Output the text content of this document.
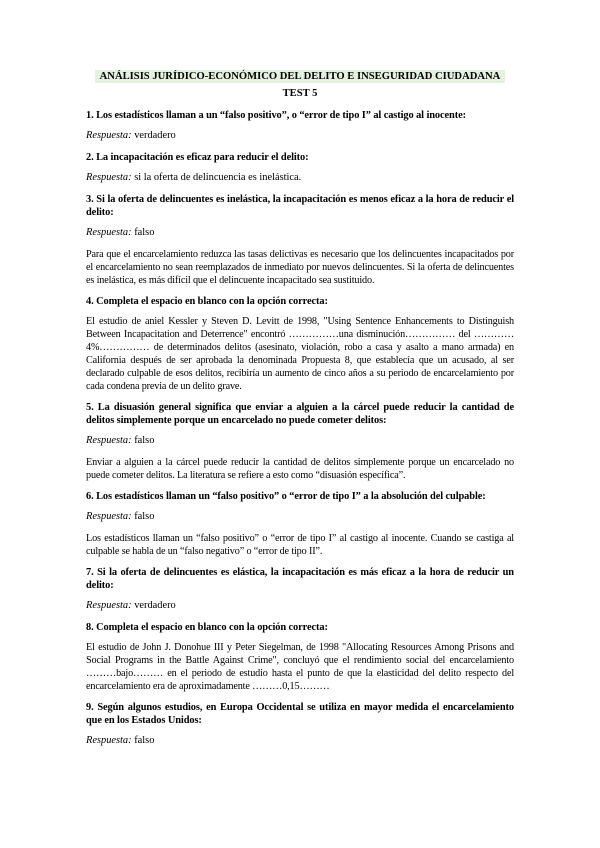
ANÁLISIS JURÍDICO-ECONÓMICO DEL DELITO E INSEGURIDAD CIUDADANA
TEST 5

1. Los estadísticos llaman a un “falso positivo”, o “error de tipo I” al castigo al inocente:

Respuesta: verdadero

2. La incapacitación es eficaz para reducir el delito:

Respuesta: si la oferta de delincuencia es inelástica.

3. Si la oferta de delincuentes es inelástica, la incapacitación es menos eficaz a la hora de reducir el delito:

Respuesta: falso

Para que el encarcelamiento reduzca las tasas delictivas es necesario que los delincuentes incapacitados por el encarcelamiento no sean reemplazados de inmediato por nuevos delincuentes. Si la oferta de delincuentes es inelástica, es más difícil que el delincuente incapacitado sea sustituido.

4. Completa el espacio en blanco con la opción correcta:

El estudio de aniel Kessler y Steven D. Levitt de 1998, "Using Sentence Enhancements to Distinguish Between Incapacitation and Deterrence" encontró ……………una disminución…………… del …………4%…………… de determinados delitos (asesinato, violación, robo a casa y asalto a mano armada) en California después de ser aprobada la denominada Propuesta 8, que establecía que un acusado, al ser declarado culpable de esos delitos, recibiría un aumento de cinco años a su periodo de encarcelamiento por cada condena previa de un delito grave.

5. La disuasión general significa que enviar a alguien a la cárcel puede reducir la cantidad de delitos simplemente porque un encarcelado no puede cometer delitos:

Respuesta: falso

Enviar a alguien a la cárcel puede reducir la cantidad de delitos simplemente porque un encarcelado no puede cometer delitos. La literatura se refiere a esto como “disuasión específica”.

6. Los estadísticos llaman un “falso positivo” o “error de tipo I” a la absolución del culpable:

Respuesta: falso

Los estadísticos llaman un “falso positivo” o “error de tipo I” al castigo al inocente. Cuando se castiga al culpable se habla de un “falso negativo” o “error de tipo II”.

7. Si la oferta de delincuentes es elástica, la incapacitación es más eficaz a la hora de reducir un delito:

Respuesta: verdadero

8. Completa el espacio en blanco con la opción correcta:

El estudio de John J. Donohue III y Peter Siegelman, de 1998 "Allocating Resources Among Prisons and Social Programs in the Battle Against Crime", concluyó que el rendimiento social del encarcelamiento ………bajo……… en el periodo de estudio hasta el punto de que la elasticidad del delito respecto del encarcelamiento era de aproximadamente ………0,15………

9. Según algunos estudios, en Europa Occidental se utiliza en mayor medida el encarcelamiento que en los Estados Unidos:

Respuesta: falso
